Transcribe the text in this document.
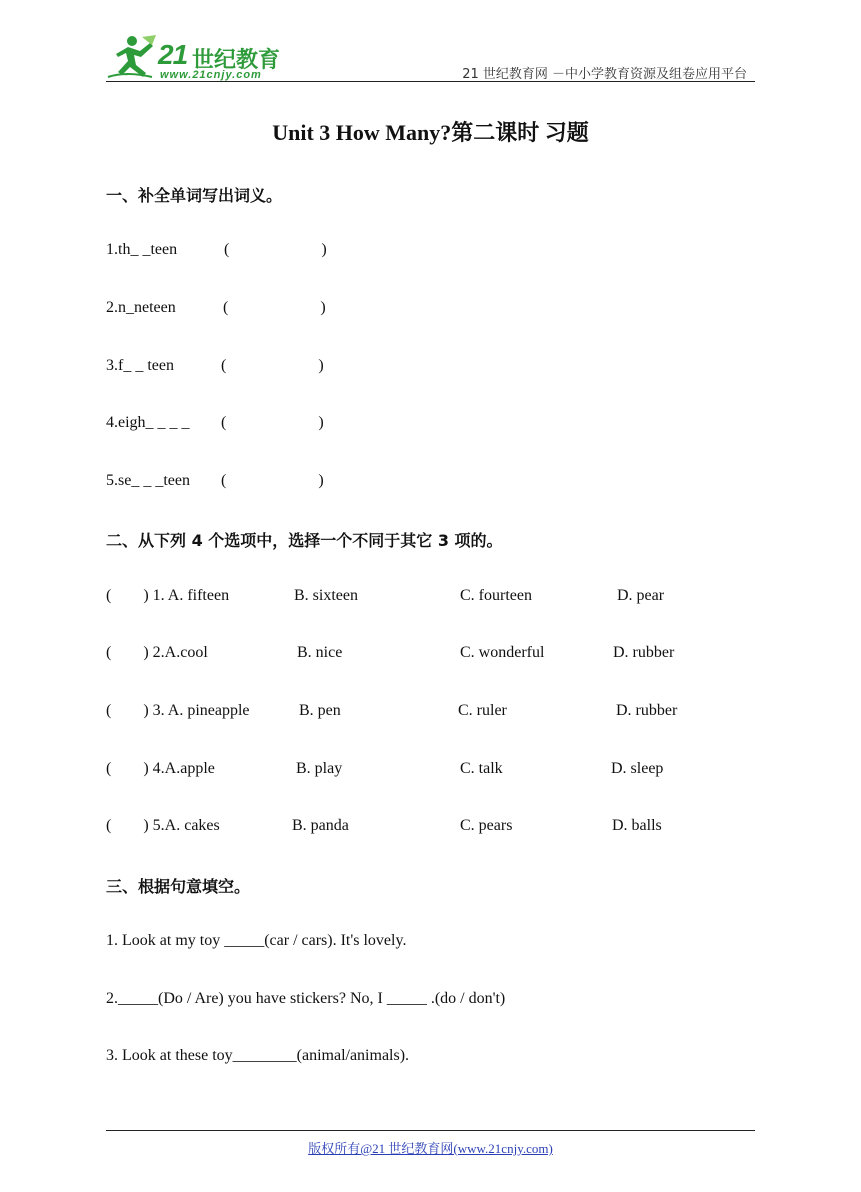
21 世纪教育
www.21cnjy.com	21 世纪教育网 －中小学教育资源及组卷应用平台
Unit 3 How Many?第二课时 习题
一、补全单词写出词义。
1.th_ _teen	(                       )
2.n_neteen	(                       )
3.f_ _ teen	(                       )
4.eigh_ _ _ _ (                       )
5.se_ _ _teen (                       )
二、从下列 4 个选项中，选择一个不同于其它 3 项的。
(        ) 1. A. fifteen	B. sixteen	C. fourteen	D. pear
(        ) 2.A.cool	B. nice	C. wonderful	D. rubber
(        ) 3. A. pineapple	B. pen	C. ruler	D. rubber
(        ) 4.A.apple	B. play	C. talk	D. sleep
(        ) 5.A. cakes	B. panda	C. pears	D. balls
三、根据句意填空。
1. Look at my toy _____(car / cars). It's lovely.
2._____(Do / Are) you have stickers? No, I _____ .(do / don't)
3. Look at these toy________(animal/animals).
版权所有@21 世纪教育网(www.21cnjy.com)
